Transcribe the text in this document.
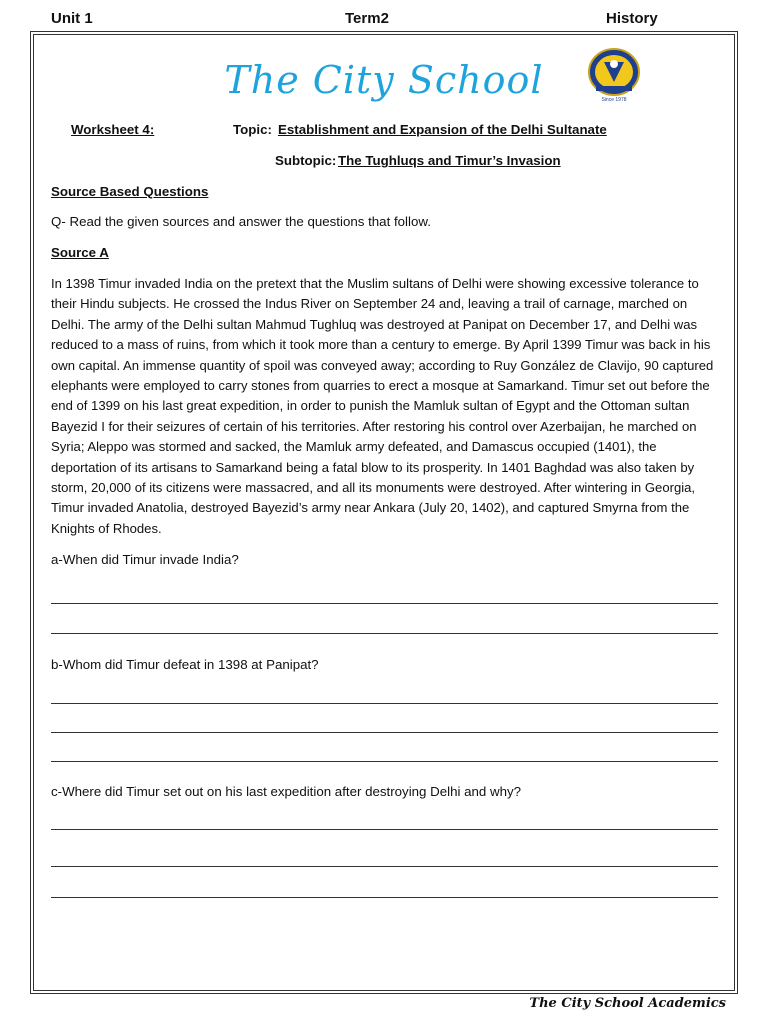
Unit 1	Term2	History
The City School	Since 1978
Worksheet 4:	Topic: Establishment and Expansion of the Delhi Sultanate
Subtopic: The Tughluqs and Timur’s Invasion
Source Based Questions
Q- Read the given sources and answer the questions that follow.
Source A
In 1398 Timur invaded India on the pretext that the Muslim sultans of Delhi were showing excessive tolerance to their Hindu subjects. He crossed the Indus River on September 24 and, leaving a trail of carnage, marched on Delhi. The army of the Delhi sultan Mahmud Tughluq was destroyed at Panipat on December 17, and Delhi was reduced to a mass of ruins, from which it took more than a century to emerge. By April 1399 Timur was back in his own capital. An immense quantity of spoil was conveyed away; according to Ruy González de Clavijo, 90 captured elephants were employed to carry stones from quarries to erect a mosque at Samarkand. Timur set out before the end of 1399 on his last great expedition, in order to punish the Mamluk sultan of Egypt and the Ottoman sultan Bayezid I for their seizures of certain of his territories. After restoring his control over Azerbaijan, he marched on Syria; Aleppo was stormed and sacked, the Mamluk army defeated, and Damascus occupied (1401), the deportation of its artisans to Samarkand being a fatal blow to its prosperity. In 1401 Baghdad was also taken by storm, 20,000 of its citizens were massacred, and all its monuments were destroyed. After wintering in Georgia, Timur invaded Anatolia, destroyed Bayezid’s army near Ankara (July 20, 1402), and captured Smyrna from the Knights of Rhodes.
a-When did Timur invade India?
b-Whom did Timur defeat in 1398 at Panipat?
c-Where did Timur set out on his last expedition after destroying Delhi and why?
The City School Academics
